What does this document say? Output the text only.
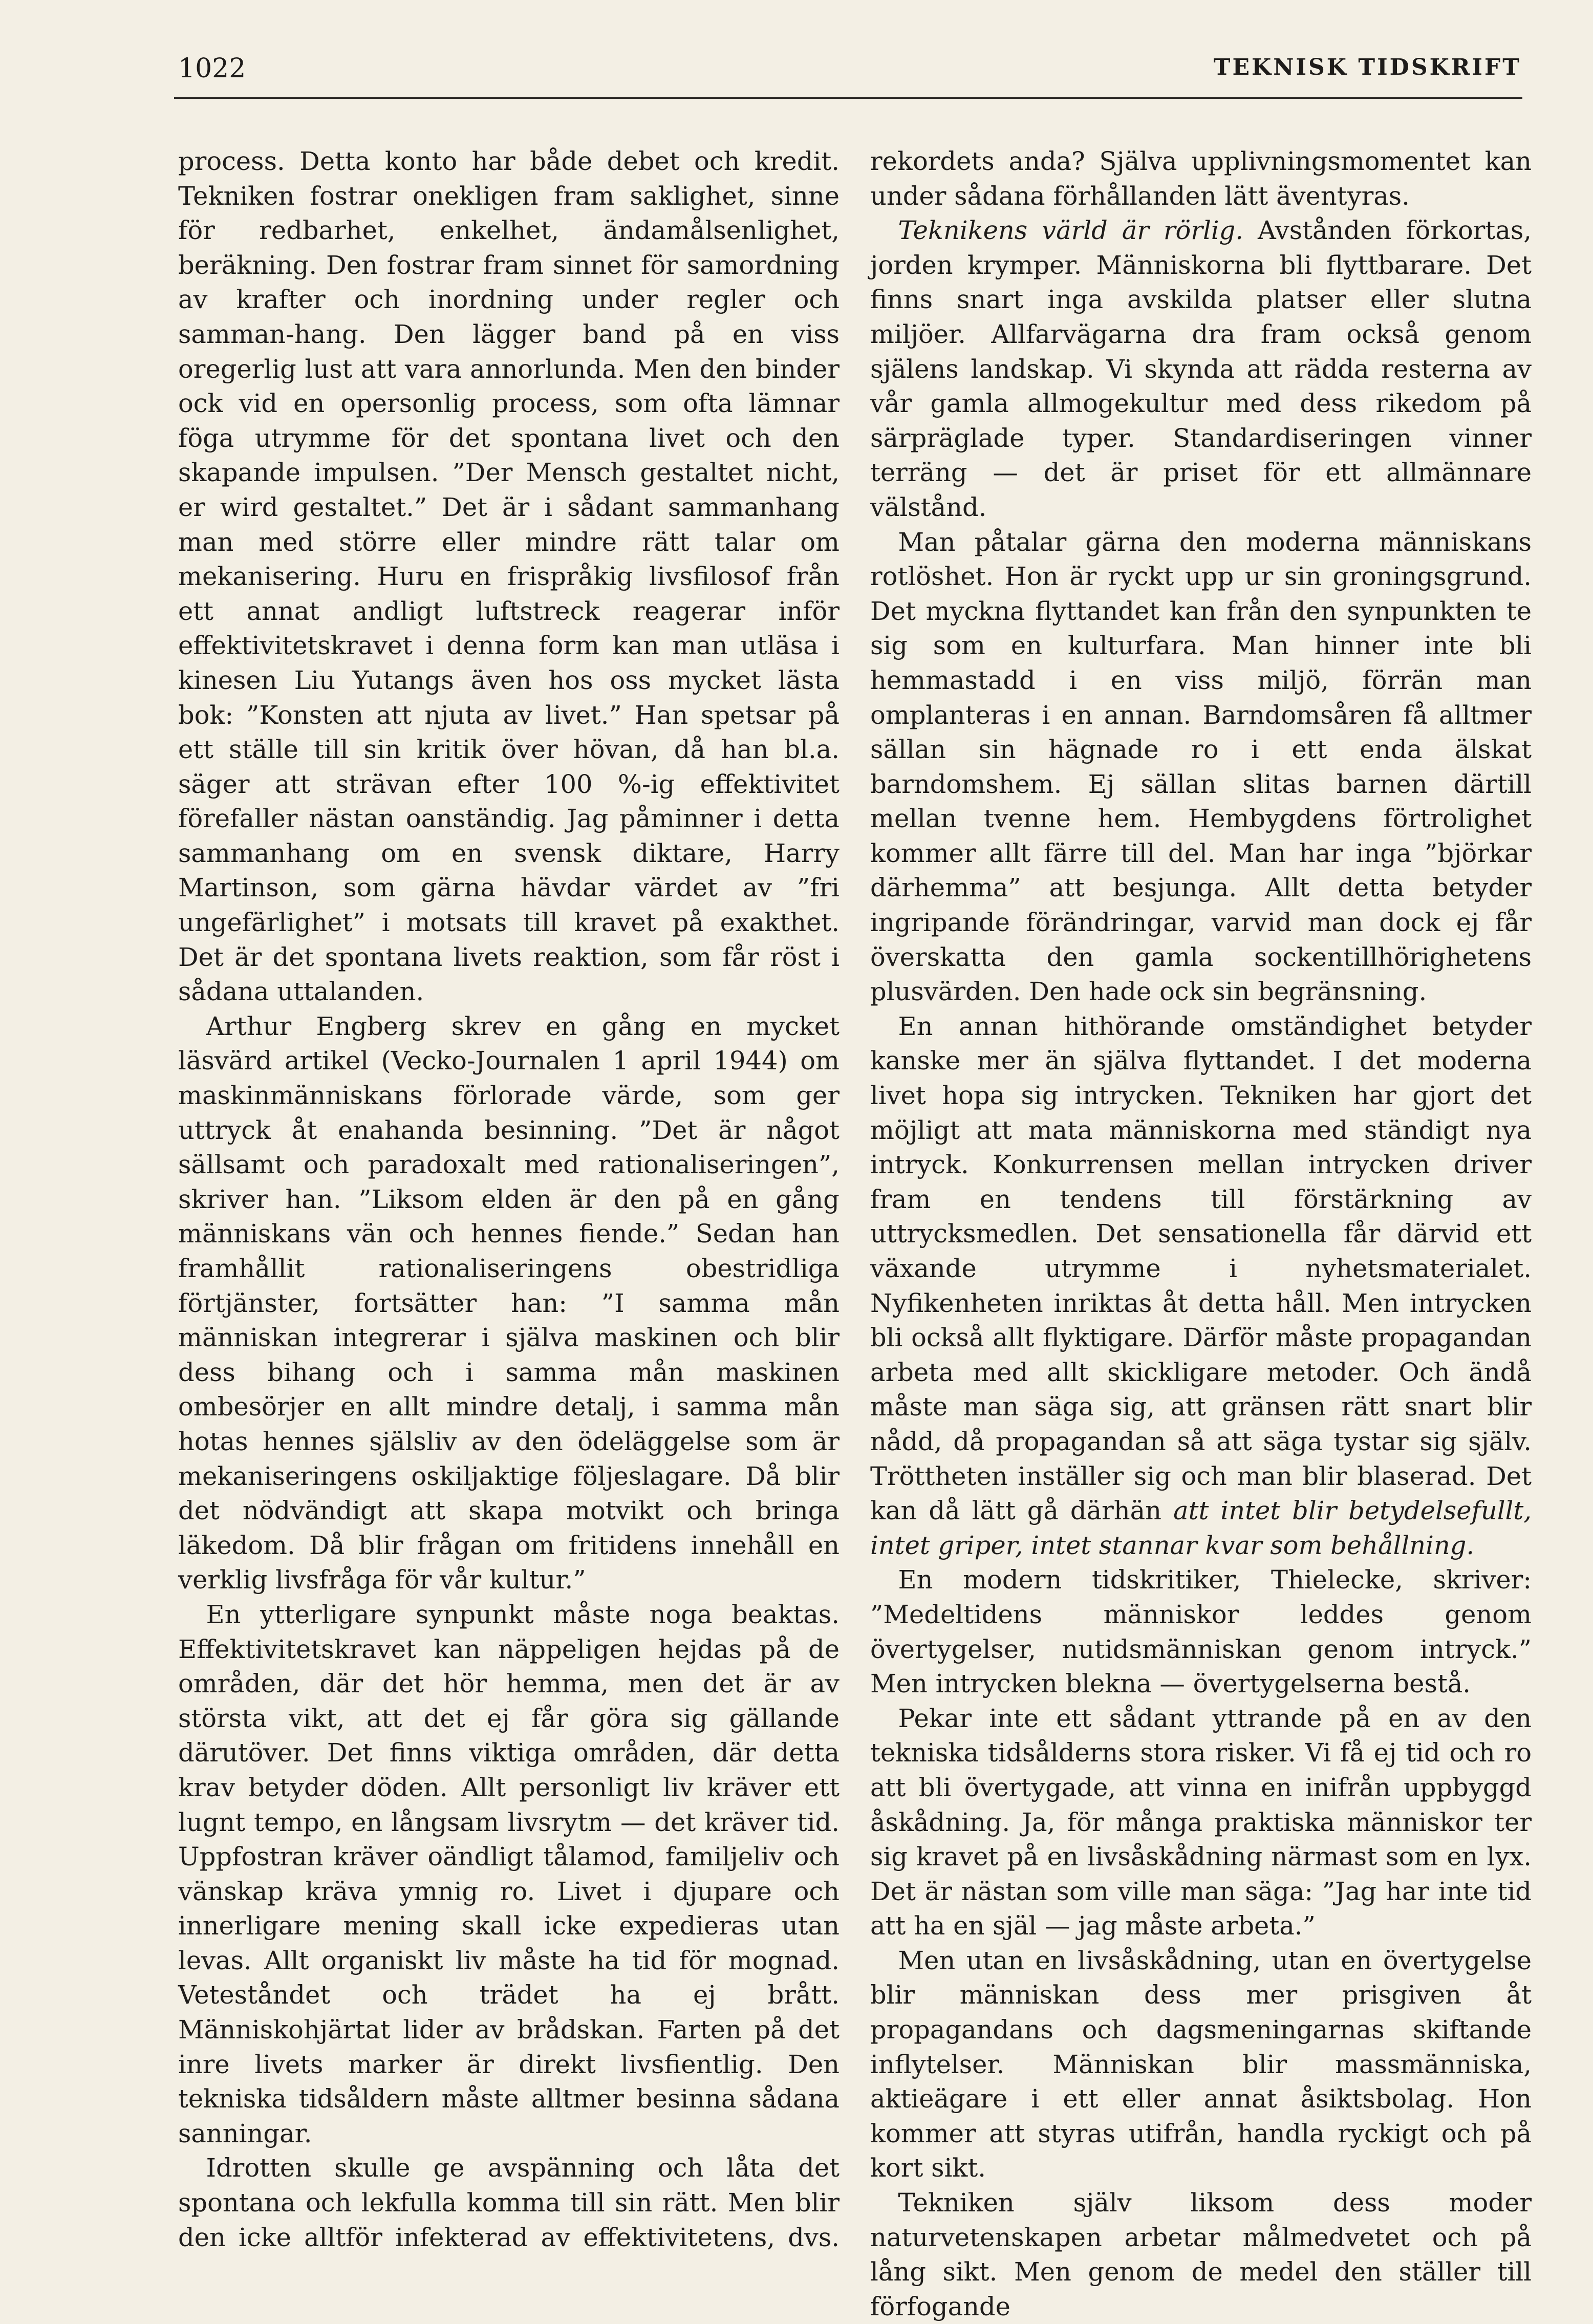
1022	TEKNISK TIDSKRIFT

process. Detta konto har både debet och kredit. Tekniken fostrar onekligen fram saklighet, sinne för redbarhet, enkelhet, ändamålsenlighet, beräkning. Den fostrar fram sinnet för samordning av krafter och inordning under regler och samman-hang. Den lägger band på en viss oregerlig lust att vara annorlunda. Men den binder ock vid en opersonlig process, som ofta lämnar föga utrymme för det spontana livet och den skapande impulsen. ”Der Mensch gestaltet nicht, er wird gestaltet.” Det är i sådant sammanhang man med större eller mindre rätt talar om mekanisering. Huru en frispråkig livsfilosof från ett annat andligt luftstreck reagerar inför effektivitetskravet i denna form kan man utläsa i kinesen Liu Yutangs även hos oss mycket lästa bok: ”Konsten att njuta av livet.” Han spetsar på ett ställe till sin kritik över hövan, då han bl.a. säger att strävan efter 100 %-ig effektivitet förefaller nästan oanständig. Jag påminner i detta sammanhang om en svensk diktare, Harry Martinson, som gärna hävdar värdet av ”fri ungefärlighet” i motsats till kravet på exakthet. Det är det spontana livets reaktion, som får röst i sådana uttalanden.

Arthur Engberg skrev en gång en mycket läsvärd artikel (Vecko-Journalen 1 april 1944) om maskinmänniskans förlorade värde, som ger uttryck åt enahanda besinning. ”Det är något sällsamt och paradoxalt med rationaliseringen”, skriver han. ”Liksom elden är den på en gång människans vän och hennes fiende.” Sedan han framhållit rationaliseringens obestridliga förtjänster, fortsätter han: ”I samma mån människan integrerar i själva maskinen och blir dess bihang och i samma mån maskinen ombesörjer en allt mindre detalj, i samma mån hotas hennes själsliv av den ödeläggelse som är mekaniseringens oskiljaktige följeslagare. Då blir det nödvändigt att skapa motvikt och bringa läkedom. Då blir frågan om fritidens innehåll en verklig livsfråga för vår kultur.”

En ytterligare synpunkt måste noga beaktas. Effektivitetskravet kan näppeligen hejdas på de områden, där det hör hemma, men det är av största vikt, att det ej får göra sig gällande därutöver. Det finns viktiga områden, där detta krav betyder döden. Allt personligt liv kräver ett lugnt tempo, en långsam livsrytm — det kräver tid. Uppfostran kräver oändligt tålamod, familjeliv och vänskap kräva ymnig ro. Livet i djupare och innerligare mening skall icke expedieras utan levas. Allt organiskt liv måste ha tid för mognad. Veteståndet och trädet ha ej brått. Människohjärtat lider av brådskan. Farten på det inre livets marker är direkt livsfientlig. Den tekniska tidsåldern måste alltmer besinna sådana sanningar.

Idrotten skulle ge avspänning och låta det spontana och lekfulla komma till sin rätt. Men blir den icke alltför infekterad av effektivitetens, dvs.

rekordets anda? Själva upplivningsmomentet kan under sådana förhållanden lätt äventyras.

Teknikens värld är rörlig. Avstånden förkortas, jorden krymper. Människorna bli flyttbarare. Det finns snart inga avskilda platser eller slutna miljöer. Allfarvägarna dra fram också genom själens landskap. Vi skynda att rädda resterna av vår gamla allmogekultur med dess rikedom på särpräglade typer. Standardiseringen vinner terräng — det är priset för ett allmännare välstånd.

Man påtalar gärna den moderna människans rotlöshet. Hon är ryckt upp ur sin groningsgrund. Det myckna flyttandet kan från den synpunkten te sig som en kulturfara. Man hinner inte bli hemmastadd i en viss miljö, förrän man omplanteras i en annan. Barndomsåren få alltmer sällan sin hägnade ro i ett enda älskat barndomshem. Ej sällan slitas barnen därtill mellan tvenne hem. Hembygdens förtrolighet kommer allt färre till del. Man har inga ”björkar därhemma” att besjunga. Allt detta betyder ingripande förändringar, varvid man dock ej får överskatta den gamla sockentillhörighetens plusvärden. Den hade ock sin begränsning.

En annan hithörande omständighet betyder kanske mer än själva flyttandet. I det moderna livet hopa sig intrycken. Tekniken har gjort det möjligt att mata människorna med ständigt nya intryck. Konkurrensen mellan intrycken driver fram en tendens till förstärkning av uttrycksmedlen. Det sensationella får därvid ett växande utrymme i nyhetsmaterialet. Nyfikenheten inriktas åt detta håll. Men intrycken bli också allt flyktigare. Därför måste propagandan arbeta med allt skickligare metoder. Och ändå måste man säga sig, att gränsen rätt snart blir nådd, då propagandan så att säga tystar sig själv. Tröttheten inställer sig och man blir blaserad. Det kan då lätt gå därhän att intet blir betydelsefullt, intet griper, intet stannar kvar som behållning.

En modern tidskritiker, Thielecke, skriver: ”Medeltidens människor leddes genom övertygelser, nutidsmänniskan genom intryck.” Men intrycken blekna — övertygelserna bestå.

Pekar inte ett sådant yttrande på en av den tekniska tidsålderns stora risker. Vi få ej tid och ro att bli övertygade, att vinna en inifrån uppbyggd åskådning. Ja, för många praktiska människor ter sig kravet på en livsåskådning närmast som en lyx. Det är nästan som ville man säga: ”Jag har inte tid att ha en själ — jag måste arbeta.”

Men utan en livsåskådning, utan en övertygelse blir människan dess mer prisgiven åt propagandans och dagsmeningarnas skiftande inflytelser. Människan blir massmänniska, aktieägare i ett eller annat åsiktsbolag. Hon kommer att styras utifrån, handla ryckigt och på kort sikt.

Tekniken själv liksom dess moder naturvetenskapen arbetar målmedvetet och på lång sikt. Men genom de medel den ställer till förfogande
